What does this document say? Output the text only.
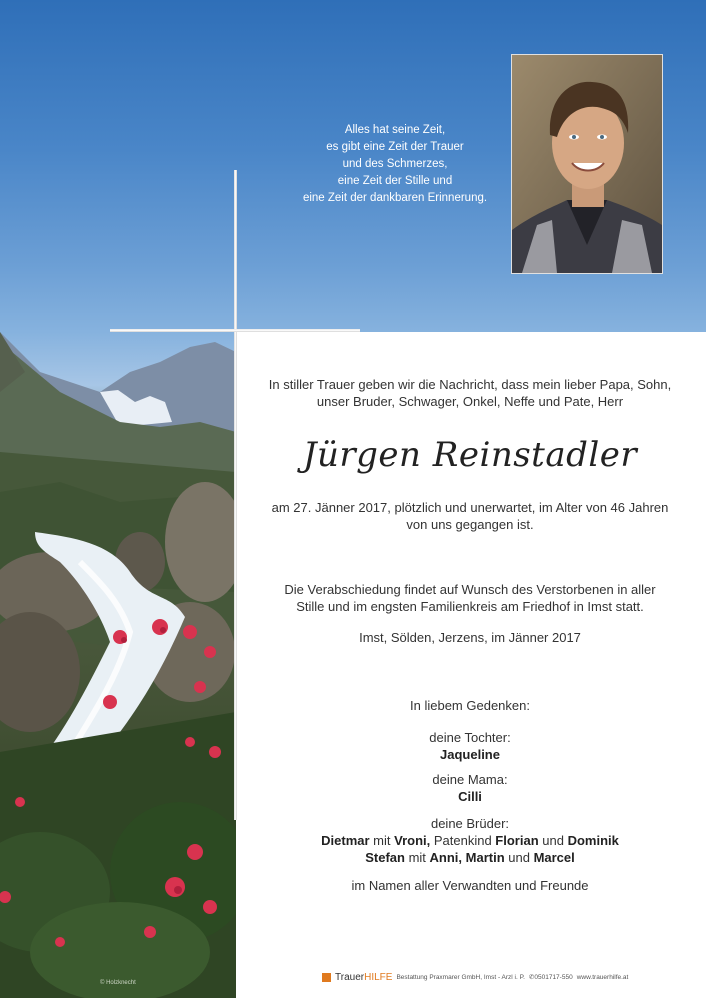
Alles hat seine Zeit,
es gibt eine Zeit der Trauer
und des Schmerzes,
eine Zeit der Stille und
eine Zeit der dankbaren Erinnerung.
In stiller Trauer geben wir die Nachricht, dass mein lieber Papa, Sohn,
unser Bruder, Schwager, Onkel, Neffe und Pate, Herr
Jürgen Reinstadler
am 27. Jänner 2017, plötzlich und unerwartet, im Alter von 46 Jahren
von uns gegangen ist.
Die Verabschiedung findet auf Wunsch des Verstorbenen in aller
Stille und im engsten Familienkreis am Friedhof in Imst statt.
Imst, Sölden, Jerzens, im Jänner 2017
In liebem Gedenken:
deine Tochter:
Jaqueline
deine Mama:
Cilli
deine Brüder:
Dietmar mit Vroni, Patenkind Florian und Dominik
Stefan mit Anni, Martin und Marcel
im Namen aller Verwandten und Freunde
© Holzknecht
TrauerHILFE Bestattung Praxmarer GmbH, Imst - Arzl i. P. ✆0501717-550 www.trauerhilfe.at
